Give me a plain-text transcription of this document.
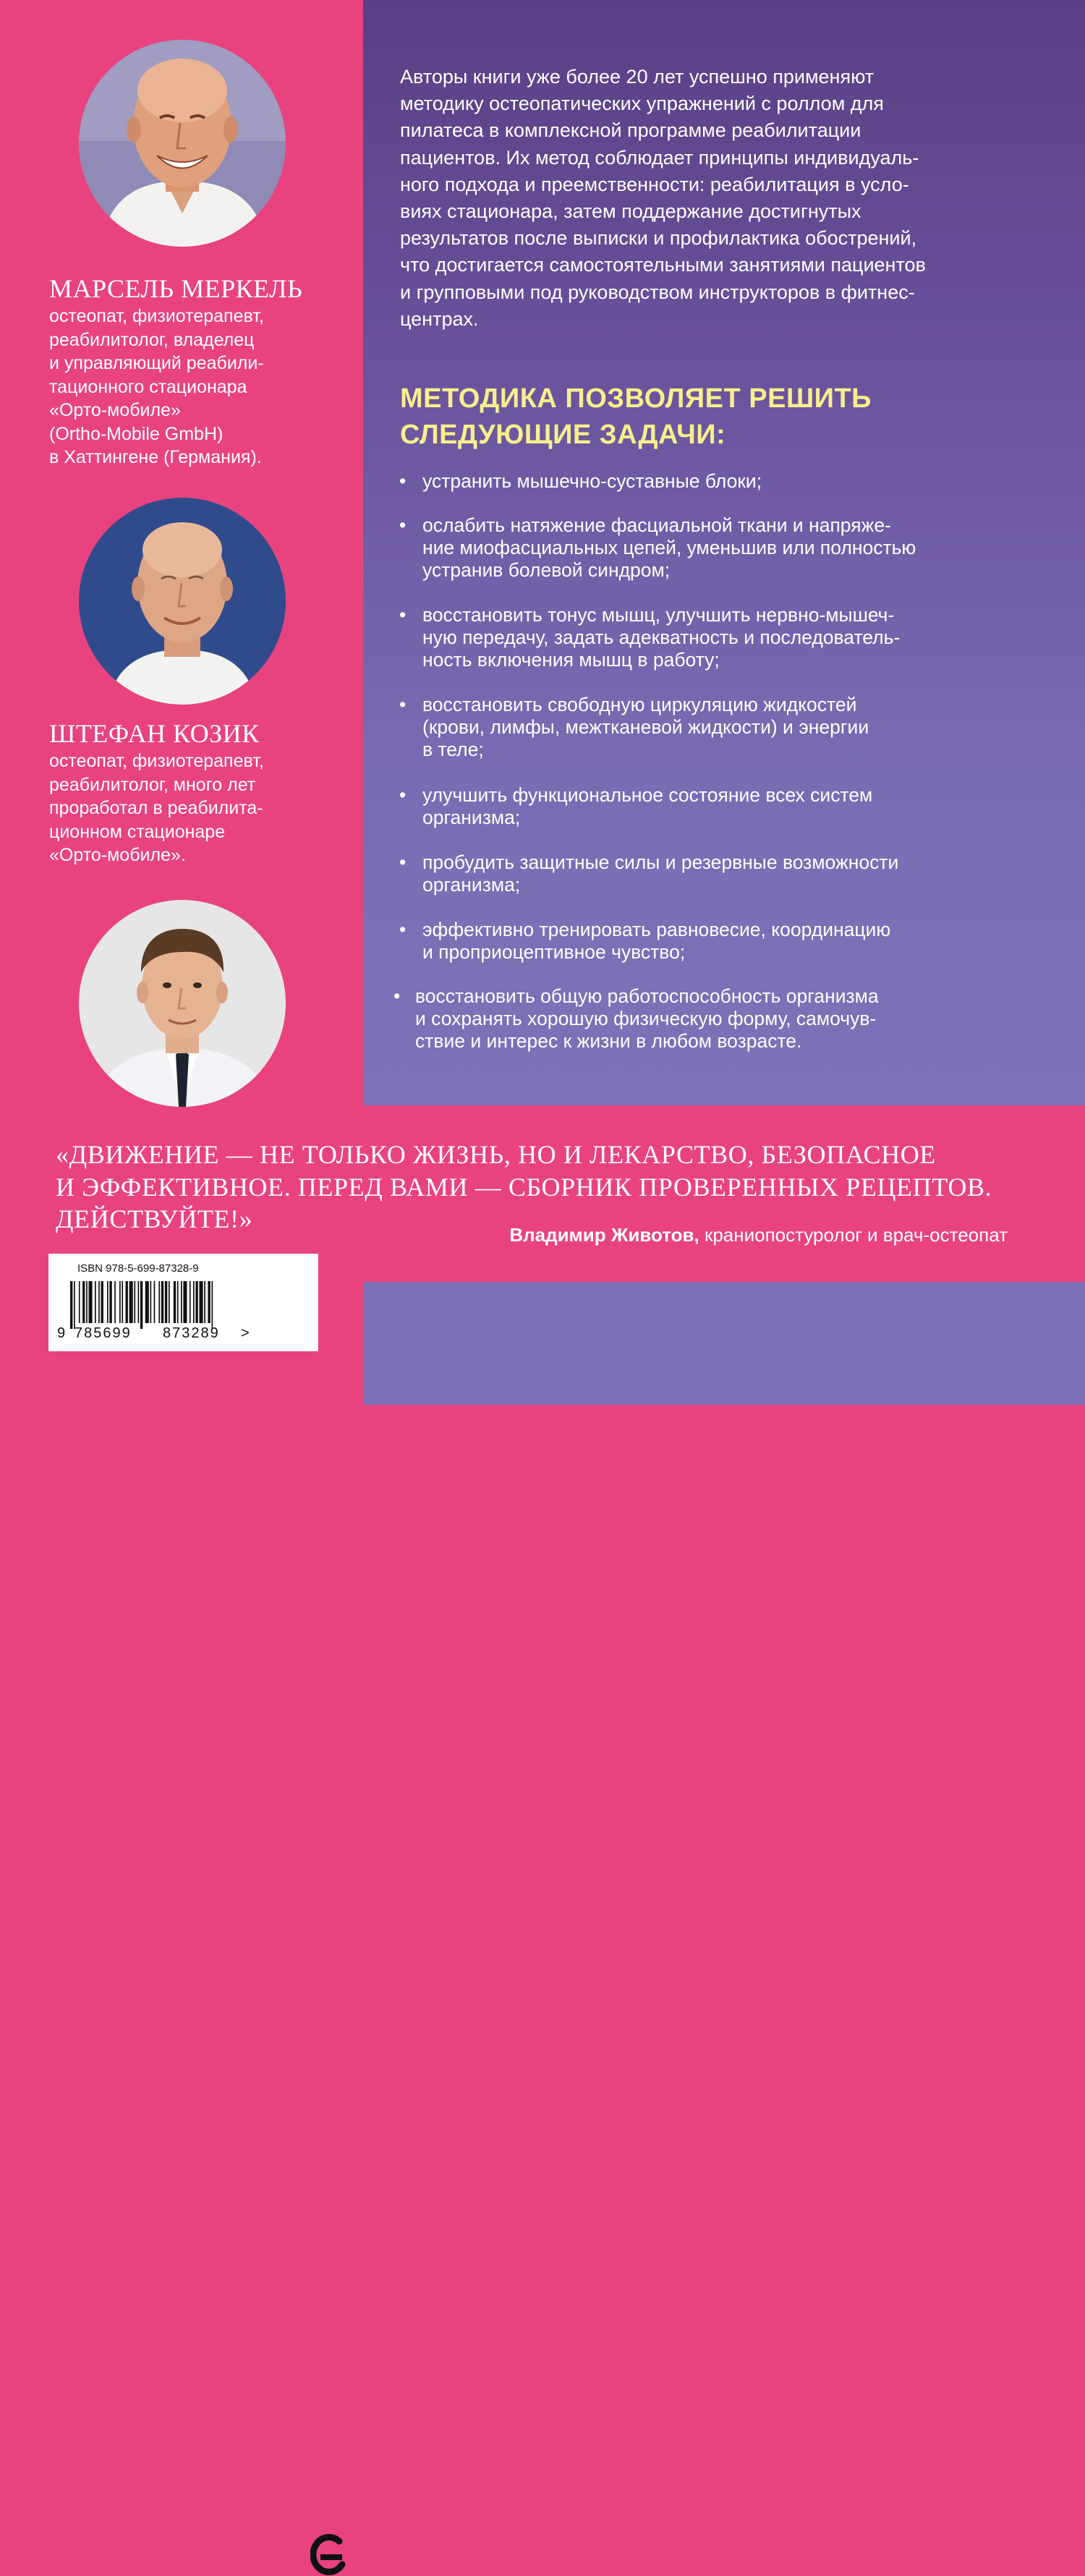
МАРСЕЛЬ МЕРКЕЛЬ
остеопат, физиотерапевт,
реабилитолог, владелец
и управляющий реабили-
тационного стационара
«Орто-мобиле»
(Ortho-Mobile GmbH)
в Хаттингене (Германия).
ШТЕФАН КОЗИК
остеопат, физиотерапевт,
реабилитолог, много лет
проработал в реабилита-
ционном стационаре
«Орто-мобиле».
Авторы книги уже более 20 лет успешно применяют
методику остеопатических упражнений с роллом для
пилатеса в комплексной программе реабилитации
пациентов. Их метод соблюдает принципы индивидуаль-
ного подхода и преемственности: реабилитация в усло-
виях стационара, затем поддержание достигнутых
результатов после выписки и профилактика обострений,
что достигается самостоятельными занятиями пациентов
и групповыми под руководством инструкторов в фитнес-
центрах.
МЕТОДИКА ПОЗВОЛЯЕТ РЕШИТЬ
СЛЕДУЮЩИЕ ЗАДАЧИ:
• устранить мышечно-суставные блоки;
• ослабить натяжение фасциальной ткани и напряже-
ние миофасциальных цепей, уменьшив или полностью
устранив болевой синдром;
• восстановить тонус мышц, улучшить нервно-мышеч-
ную передачу, задать адекватность и последователь-
ность включения мышц в работу;
• восстановить свободную циркуляцию жидкостей
(крови, лимфы, межтканевой жидкости) и энергии
в теле;
• улучшить функциональное состояние всех систем
организма;
• пробудить защитные силы и резервные возможности
организма;
• эффективно тренировать равновесие, координацию
и проприоцептивное чувство;
• восстановить общую работоспособность организма
и сохранять хорошую физическую форму, самочув-
ствие и интерес к жизни в любом возрасте.
«ДВИЖЕНИЕ — НЕ ТОЛЬКО ЖИЗНЬ, НО И ЛЕКАРСТВО, БЕЗОПАСНОЕ
И ЭФФЕКТИВНОЕ. ПЕРЕД ВАМИ — СБОРНИК ПРОВЕРЕННЫХ РЕЦЕПТОВ.
ДЕЙСТВУЙТЕ!»
Владимир Животов, краниопостуролог и врач-остеопат
ISBN 978-5-699-87328-9
9 785699 873289 >
